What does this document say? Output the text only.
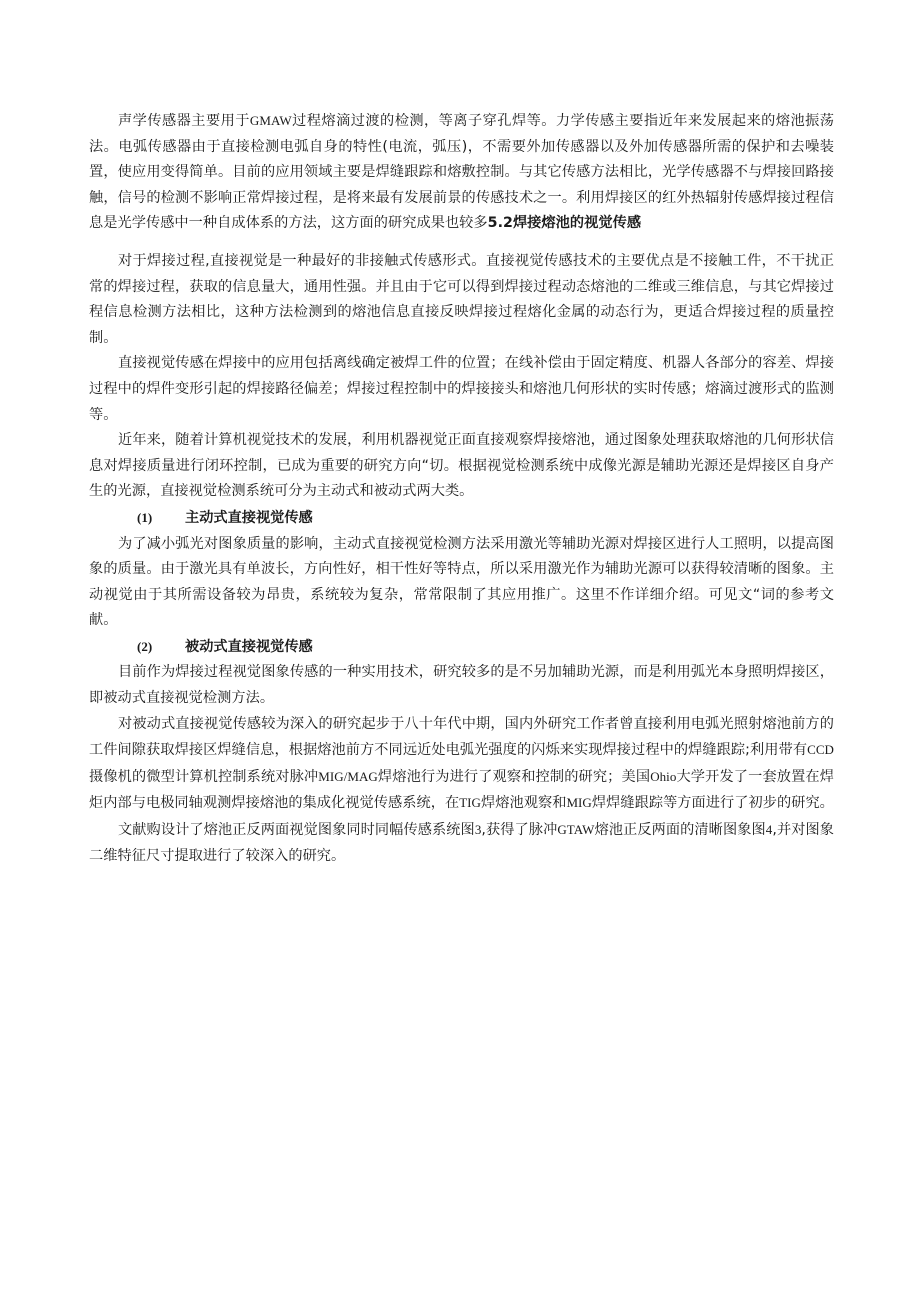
声学传感器主要用于GMAW过程熔滴过渡的检测，等离子穿孔焊等。力学传感主要指近年来发展起来的熔池振荡法。电弧传感器由于直接检测电弧自身的特性(电流，弧压)，不需要外加传感器以及外加传感器所需的保护和去噪装置，使应用变得简单。目前的应用领域主要是焊缝跟踪和熔敷控制。与其它传感方法相比，光学传感器不与焊接回路接触，信号的检测不影响正常焊接过程，是将来最有发展前景的传感技术之一。利用焊接区的红外热辐射传感焊接过程信息是光学传感中一种自成体系的方法，这方面的研究成果也较多5.2焊接熔池的视觉传感

对于焊接过程,直接视觉是一种最好的非接触式传感形式。直接视觉传感技术的主要优点是不接触工件，不干扰正常的焊接过程，获取的信息量大，通用性强。并且由于它可以得到焊接过程动态熔池的二维或三维信息，与其它焊接过程信息检测方法相比，这种方法检测到的熔池信息直接反映焊接过程熔化金属的动态行为，更适合焊接过程的质量控制。

直接视觉传感在焊接中的应用包括离线确定被焊工件的位置；在线补偿由于固定精度、机器人各部分的容差、焊接过程中的焊件变形引起的焊接路径偏差；焊接过程控制中的焊接接头和熔池几何形状的实时传感；熔滴过渡形式的监测等。

近年来，随着计算机视觉技术的发展，利用机器视觉正面直接观察焊接熔池，通过图象处理获取熔池的几何形状信息对焊接质量进行闭环控制，已成为重要的研究方向“切。根据视觉检测系统中成像光源是辅助光源还是焊接区自身产生的光源，直接视觉检测系统可分为主动式和被动式两大类。

(1) 主动式直接视觉传感

为了减小弧光对图象质量的影响，主动式直接视觉检测方法采用激光等辅助光源对焊接区进行人工照明，以提高图象的质量。由于激光具有单波长，方向性好，相干性好等特点，所以采用激光作为辅助光源可以获得较清晰的图象。主动视觉由于其所需设备较为昂贵，系统较为复杂，常常限制了其应用推广。这里不作详细介绍。可见文“词的参考文献。

(2) 被动式直接视觉传感

目前作为焊接过程视觉图象传感的一种实用技术，研究较多的是不另加辅助光源，而是利用弧光本身照明焊接区，即被动式直接视觉检测方法。

对被动式直接视觉传感较为深入的研究起步于八十年代中期，国内外研究工作者曾直接利用电弧光照射熔池前方的工件间隙获取焊接区焊缝信息，根据熔池前方不同远近处电弧光强度的闪烁来实现焊接过程中的焊缝跟踪;利用带有CCD摄像机的微型计算机控制系统对脉冲MIG/MAG焊熔池行为进行了观察和控制的研究；美国Ohio大学开发了一套放置在焊炬内部与电极同轴观测焊接熔池的集成化视觉传感系统，在TIG焊熔池观察和MIG焊焊缝跟踪等方面进行了初步的研究。

文献购设计了熔池正反两面视觉图象同时同幅传感系统图3,获得了脉冲GTAW熔池正反两面的清晰图象图4,并对图象二维特征尺寸提取进行了较深入的研究。
